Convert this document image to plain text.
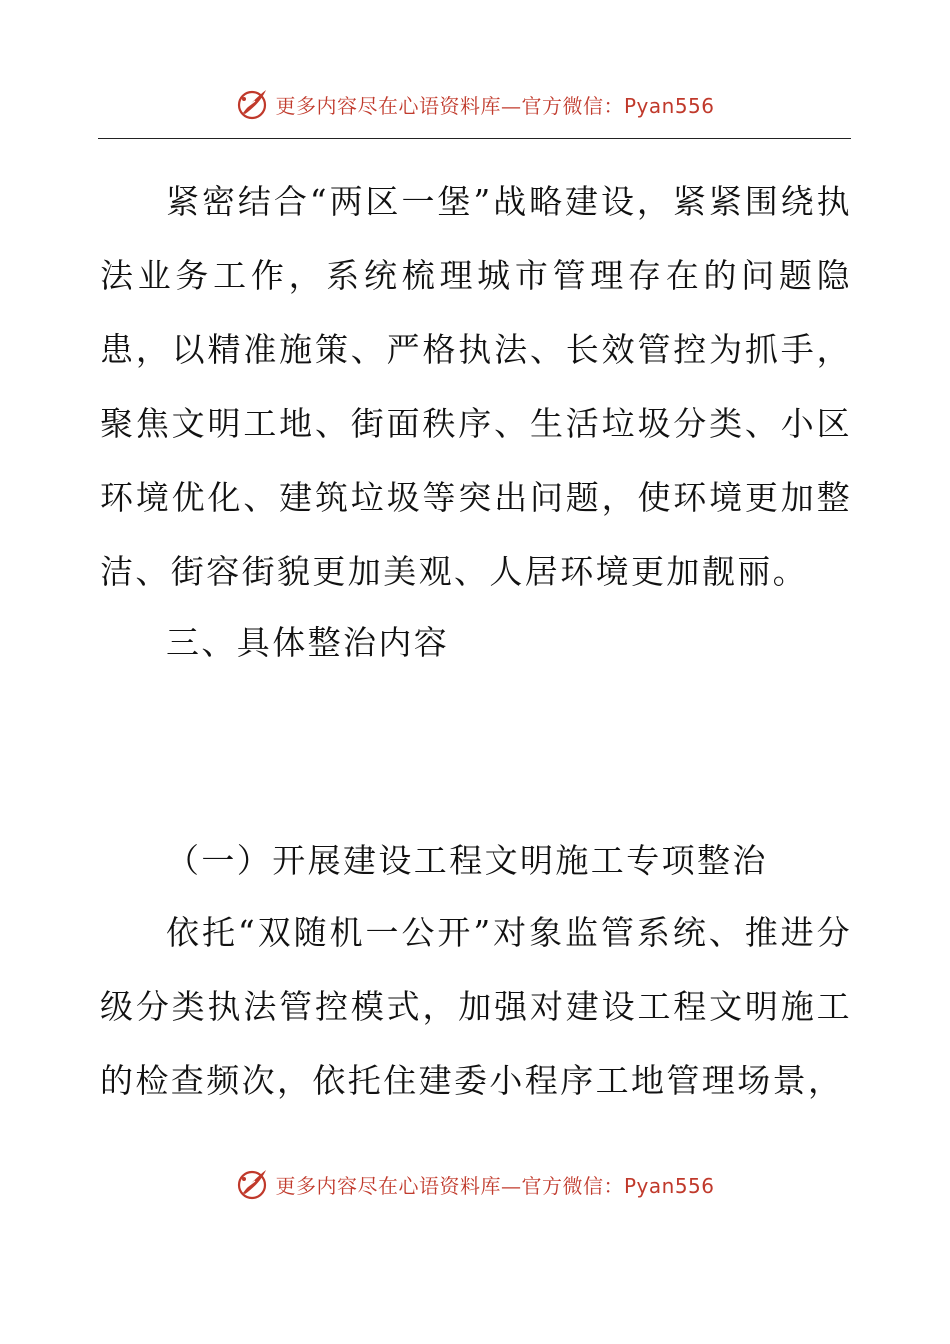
更多内容尽在心语资料库—官方微信：Pyan556

紧密结合“两区一堡”战略建设，紧紧围绕执法业务工作，系统梳理城市管理存在的问题隐患，以精准施策、严格执法、长效管控为抓手，聚焦文明工地、街面秩序、生活垃圾分类、小区环境优化、建筑垃圾等突出问题，使环境更加整洁、街容街貌更加美观、人居环境更加靓丽。

三、具体整治内容

（一）开展建设工程文明施工专项整治

依托“双随机一公开”对象监管系统、推进分级分类执法管控模式，加强对建设工程文明施工的检查频次，依托住建委小程序工地管理场景，

更多内容尽在心语资料库—官方微信：Pyan556
